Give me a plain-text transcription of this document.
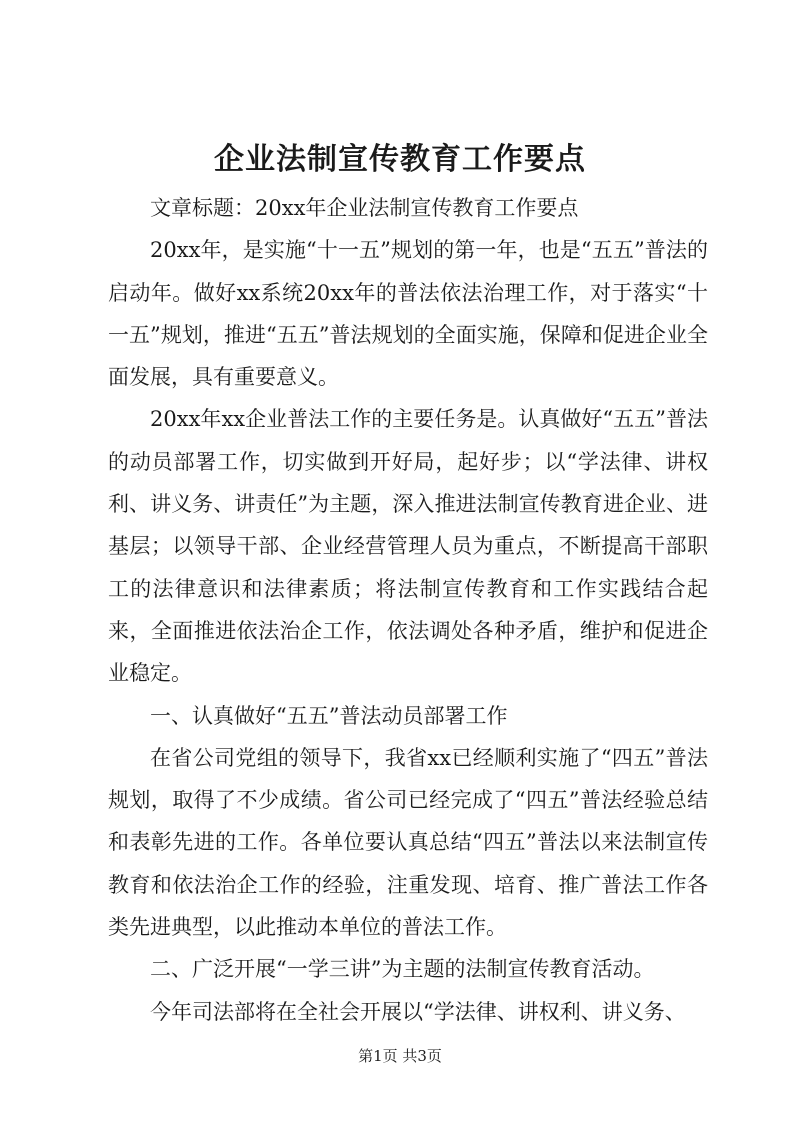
企业法制宣传教育工作要点

文章标题：20xx年企业法制宣传教育工作要点

20xx年，是实施“十一五”规划的第一年，也是“五五”普法的启动年。做好xx系统20xx年的普法依法治理工作，对于落实“十一五”规划，推进“五五”普法规划的全面实施，保障和促进企业全面发展，具有重要意义。

20xx年xx企业普法工作的主要任务是。认真做好“五五”普法的动员部署工作，切实做到开好局，起好步；以“学法律、讲权利、讲义务、讲责任”为主题，深入推进法制宣传教育进企业、进基层；以领导干部、企业经营管理人员为重点，不断提高干部职工的法律意识和法律素质；将法制宣传教育和工作实践结合起来，全面推进依法治企工作，依法调处各种矛盾，维护和促进企业稳定。

一、认真做好“五五”普法动员部署工作

在省公司党组的领导下，我省xx已经顺利实施了“四五”普法规划，取得了不少成绩。省公司已经完成了“四五”普法经验总结和表彰先进的工作。各单位要认真总结“四五”普法以来法制宣传教育和依法治企工作的经验，注重发现、培育、推广普法工作各类先进典型，以此推动本单位的普法工作。

二、广泛开展“一学三讲”为主题的法制宣传教育活动。

今年司法部将在全社会开展以“学法律、讲权利、讲义务、

第1页 共3页
